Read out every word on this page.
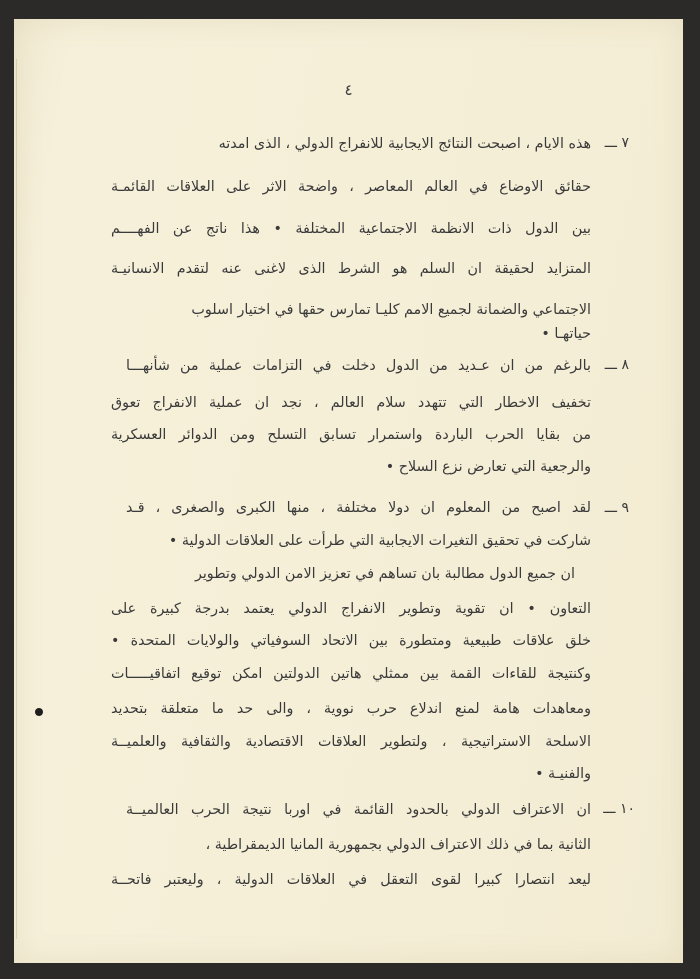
٤
٧ ـــ
هذه الايام ، اصبحت النتائج الايجابية للانفراج الدولي ، الذى امدته
حقائق الاوضاع في العالم المعاصر ، واضحة الاثر على العلاقات القائمـة
بين الدول ذات الانظمة الاجتماعية المختلفة • هذا ناتج عن الفهــــم
المتزايد لحقيقة ان السلم هو الشرط الذى لاغنى عنه لتقدم الانسانيـة
الاجتماعي والضمانة لجميع الامم كليـا تمارس حقها في اختيار اسلوب
حياتهـا •
٨ ـــ
بالرغم من ان عـديد من الدول دخلت في التزامات عملية من شأنهـــا
تخفيف الاخطار التي تتهدد سلام العالم ، نجد ان عملية الانفراج تعوق
من بقايا الحرب الباردة واستمرار تسابق التسلح ومن الدوائر العسكرية
والرجعية التي تعارض نزع السلاح •
٩ ـــ
لقد اصبح من المعلوم ان دولا مختلفة ، منها الكبرى والصغرى ، قـد
شاركت في تحقيق التغيرات الايجابية التي طرأت على العلاقات الدولية •
ان جميع الدول مطالبة بان تساهم في تعزيز الامن الدولي وتطوير
التعاون • ان تقوية وتطوير الانفراج الدولي يعتمد بدرجة كبيرة على
خلق علاقات طبيعية ومتطورة بين الاتحاد السوفياتي والولايات المتحدة •
وكنتيجة للقاءات القمة بين ممثلي هاتين الدولتين امكن توقيع اتفاقيـــــات
ومعاهدات هامة لمنع اندلاع حرب نووية ، والى حد ما متعلقة بتحديد
الاسلحة الاستراتيجية ، ولتطوير العلاقات الاقتصادية والثقافية والعلميــة
والفنيـة •
١٠ ـــ
ان الاعتراف الدولي بالحدود القائمة في اوربا نتيجة الحرب العالميــة
الثانية بما في ذلك الاعتراف الدولي بجمهورية المانيا الديمقراطية ،
ليعد انتصارا كبيرا لقوى التعقل في العلاقات الدولية ، وليعتبر فاتحــة
